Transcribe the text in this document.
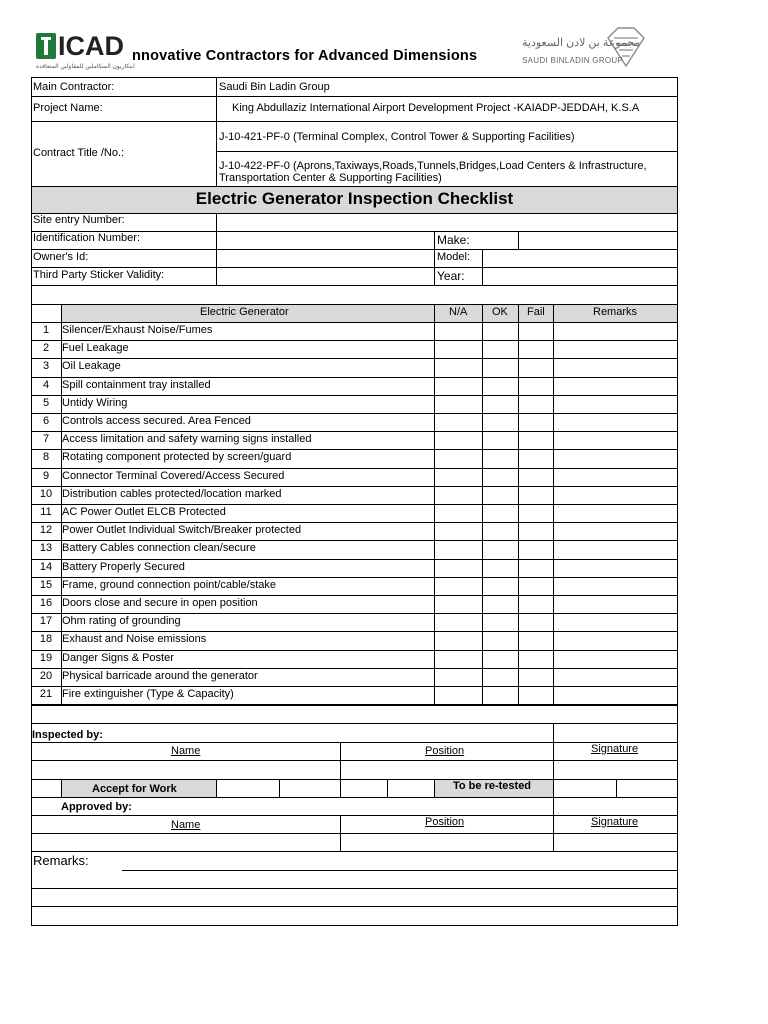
ICAD
ابتكاريون المتكاملين للمقاولين المتعاقدة
nnovative Contractors for Advanced Dimensions
مجموعة بن لادن السعودية
SAUDI BINLADIN GROUP
Main Contractor:	Saudi Bin Ladin Group
Project Name:	King Abdullaziz International Airport Development Project -KAIADP-JEDDAH, K.S.A
Contract Title /No.:
J-10-421-PF-0 (Terminal Complex, Control Tower & Supporting Facilities)
J-10-422-PF-0 (Aprons,Taxiways,Roads,Tunnels,Bridges,Load Centers & Infrastructure,
Transportation Center & Supporting Facilities)
Electric Generator Inspection Checklist
Site entry Number:
Identification Number:
Owner's Id:
Third Party Sticker Validity:
Make:
Model:
Year:
Electric Generator	N/A OK Fail	Remarks
1	Silencer/Exhaust Noise/Fumes
2	Fuel Leakage
3	Oil Leakage
4	Spill containment tray installed
5	Untidy Wiring
6	Controls access secured. Area Fenced
7	Access limitation and safety warning signs installed
8	Rotating component protected by screen/guard
9	Connector Terminal Covered/Access Secured
10 Distribution cables protected/location marked
11 AC Power Outlet ELCB Protected
12 Power Outlet Individual Switch/Breaker protected
13 Battery Cables connection clean/secure
14 Battery Properly Secured
15 Frame, ground connection point/cable/stake
16 Doors close and secure in open position
17 Ohm rating of grounding
18 Exhaust and Noise emissions
19 Danger Signs & Poster
20 Physical barricade around the generator
21 Fire extinguisher (Type & Capacity)
Inspected by:
Name	Position	Signature
Accept for Work	To be re-tested
Approved by:
Name	Position	Signature
Remarks:
